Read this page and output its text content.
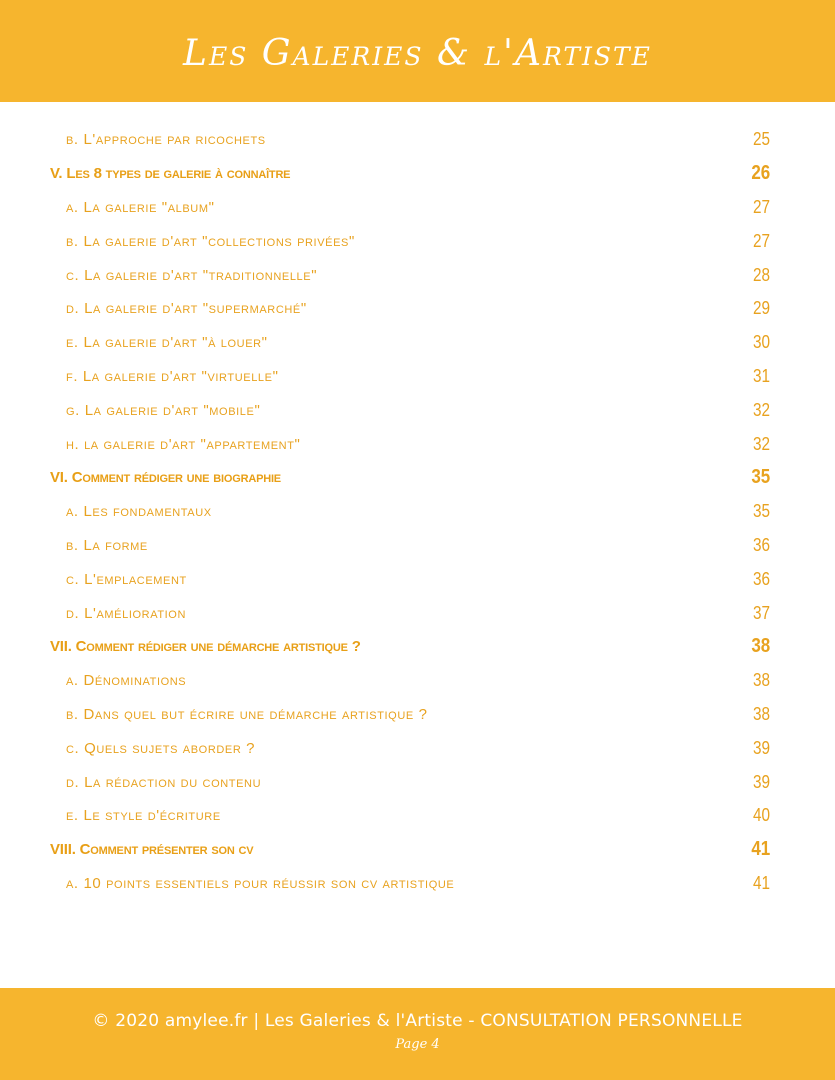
Les Galeries & l'Artiste
b. L'approche par ricochets	25
V. Les 8 types de galerie à connaître	26
a. La galerie "album"	27
b. La galerie d'art "collections privées"	27
c. La galerie d'art "traditionnelle"	28
d. La galerie d'art "supermarché"	29
e. La galerie d'art "à louer"	30
f. La galerie d'art "virtuelle"	31
g. La galerie d'art "mobile"	32
h. la galerie d'art "appartement"	32
VI. Comment rédiger une biographie	35
a. Les fondamentaux	35
b. La forme	36
c. L'emplacement	36
d. L'amélioration	37
VII. Comment rédiger une démarche artistique ?	38
a. Dénominations	38
b. Dans quel but écrire une démarche artistique ?	38
c. Quels sujets aborder ?	39
d. La rédaction du contenu	39
e. Le style d'écriture	40
VIII. Comment présenter son cv	41
a. 10 points essentiels pour réussir son cv artistique	41
© 2020 amylee.fr | Les Galeries & l'Artiste - CONSULTATION PERSONNELLE
Page 4
